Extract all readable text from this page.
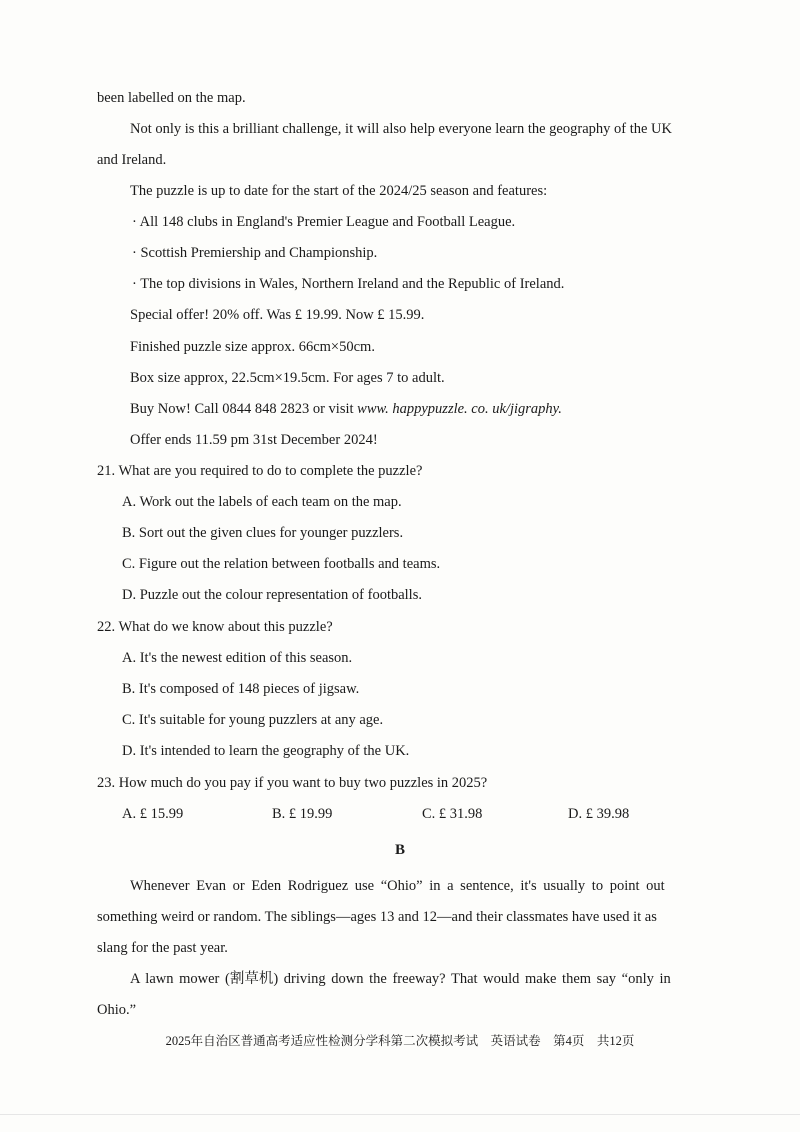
been labelled on the map.
Not only is this a brilliant challenge, it will also help everyone learn the geography of the UK
and Ireland.
The puzzle is up to date for the start of the 2024/25 season and features:
· All 148 clubs in England's Premier League and Football League.
· Scottish Premiership and Championship.
· The top divisions in Wales, Northern Ireland and the Republic of Ireland.
Special offer! 20% off. Was £ 19.99. Now £ 15.99.
Finished puzzle size approx. 66cm×50cm.
Box size approx, 22.5cm×19.5cm. For ages 7 to adult.
Buy Now! Call 0844 848 2823 or visit www. happypuzzle. co. uk/jigraphy.
Offer ends 11.59 pm 31st December 2024!
21. What are you required to do to complete the puzzle?
A. Work out the labels of each team on the map.
B. Sort out the given clues for younger puzzlers.
C. Figure out the relation between footballs and teams.
D. Puzzle out the colour representation of footballs.
22. What do we know about this puzzle?
A. It's the newest edition of this season.
B. It's composed of 148 pieces of jigsaw.
C. It's suitable for young puzzlers at any age.
D. It's intended to learn the geography of the UK.
23. How much do you pay if you want to buy two puzzles in 2025?
A. £ 15.99	B. £ 19.99	C. £ 31.98	D. £ 39.98
B
Whenever Evan or Eden Rodriguez use “Ohio” in a sentence, it's usually to point out
something weird or random. The siblings—ages 13 and 12—and their classmates have used it as
slang for the past year.
A lawn mower (割草机) driving down the freeway? That would make them say “only in
Ohio.”
2025年自治区普通高考适应性检测分学科第二次模拟考试　英语试卷　第4页　共12页
